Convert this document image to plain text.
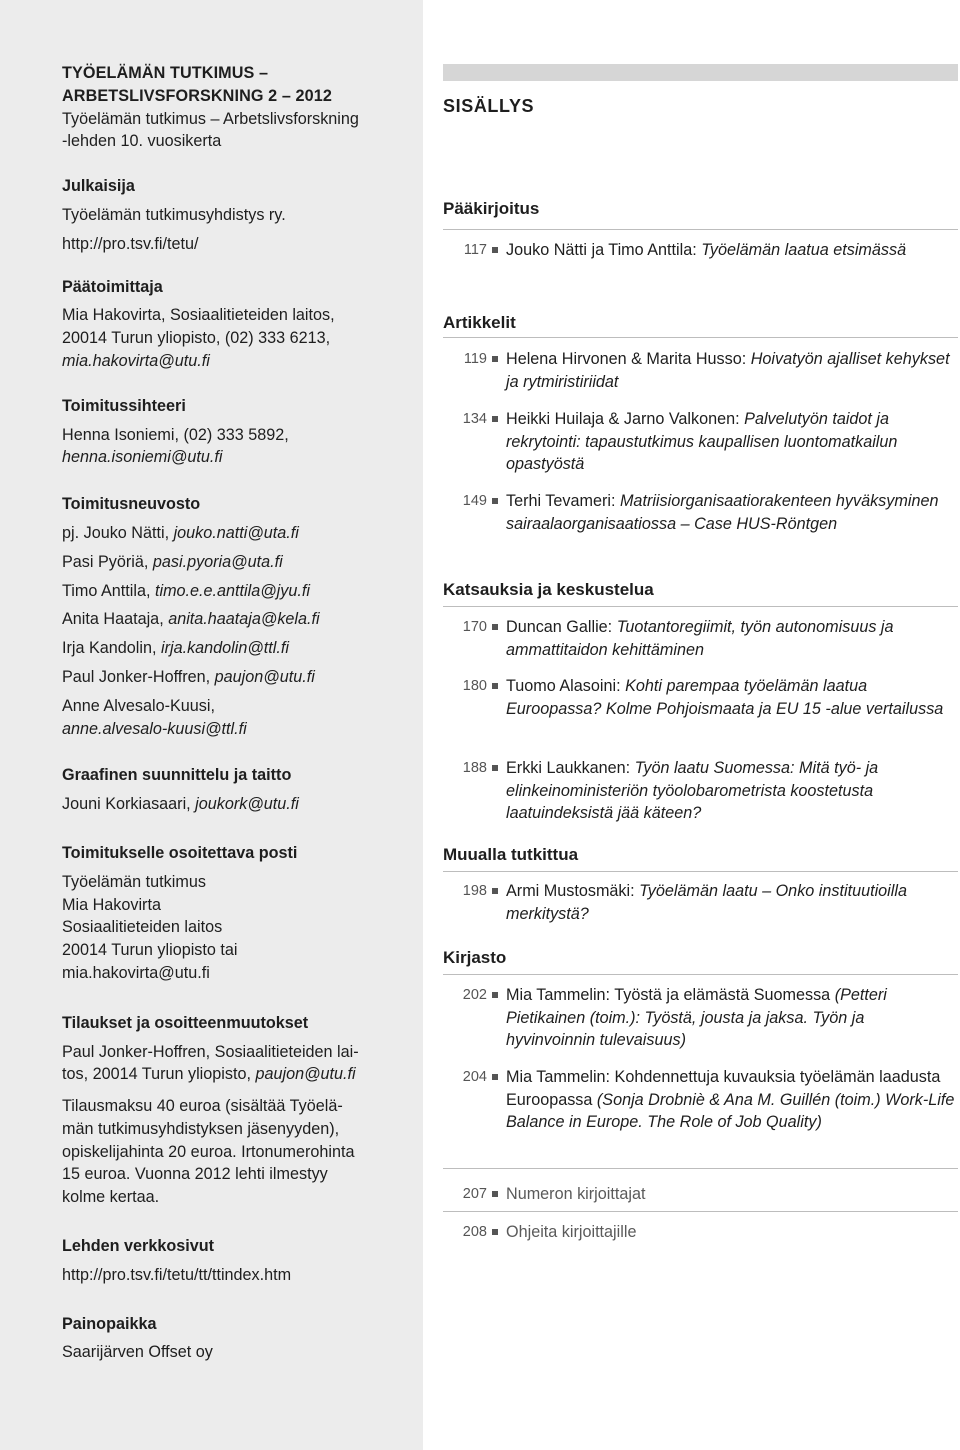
TYÖELÄMÄN TUTKIMUS –
ARBETSLIVSFORSKNING 2 – 2012
Työelämän tutkimus – Arbetslivsforskning
-lehden 10. vuosikerta

Julkaisija

Työelämän tutkimusyhdistys ry.

http://pro.tsv.fi/tetu/

Päätoimittaja

Mia Hakovirta, Sosiaalitieteiden laitos,

20014 Turun yliopisto, (02) 333 6213,

mia.hakovirta@utu.fi

Toimitussihteeri

Henna Isoniemi, (02) 333 5892,

henna.isoniemi@utu.fi

Toimitusneuvosto

pj. Jouko Nätti, jouko.natti@uta.fi

Pasi Pyöriä, pasi.pyoria@uta.fi

Timo Anttila, timo.e.e.anttila@jyu.fi

Anita Haataja, anita.haataja@kela.fi

Irja Kandolin, irja.kandolin@ttl.fi

Paul Jonker-Hoffren, paujon@utu.fi

Anne Alvesalo-Kuusi,

anne.alvesalo-kuusi@ttl.fi

Graafinen suunnittelu ja taitto

Jouni Korkiasaari, joukork@utu.fi

Toimitukselle osoitettava posti

Työelämän tutkimus

Mia Hakovirta

Sosiaalitieteiden laitos

20014 Turun yliopisto tai

mia.hakovirta@utu.fi

Tilaukset ja osoitteenmuutokset

Paul Jonker-Hoffren, Sosiaalitieteiden lai-

tos, 20014 Turun yliopisto, paujon@utu.fi

Tilausmaksu 40 euroa (sisältää Työelä-

män tutkimusyhdistyksen jäsenyyden),

opiskelijahinta 20 euroa. Irtonumerohinta

15 euroa. Vuonna 2012 lehti ilmestyy

kolme kertaa.

Lehden verkkosivut

http://pro.tsv.fi/tetu/tt/ttindex.htm

Painopaikka

Saarijärven Offset oy

SISÄLLYS
Pääkirjoitus
117 Jouko Nätti ja Timo Anttila: Työelämän laatua etsimässä
Artikkelit
119 Helena Hirvonen & Marita Husso: Hoivatyön ajalliset kehykset ja rytmiristiriidat
134 Heikki Huilaja & Jarno Valkonen: Palvelutyön taidot ja rekrytointi: tapaustutkimus kaupallisen luontomatkailun opastyöstä
149 Terhi Tevameri: Matriisiorganisaatiorakenteen hyväksyminen sairaalaorganisaatiossa – Case HUS-Röntgen
Katsauksia ja keskustelua
170 Duncan Gallie: Tuotantoregiimit, työn autonomisuus ja ammattitaidon kehittäminen
180 Tuomo Alasoini: Kohti parempaa työelämän laatua Euroopassa? Kolme Pohjoismaata ja EU 15 -alue vertailussa
188 Erkki Laukkanen: Työn laatu Suomessa: Mitä työ- ja elinkeinoministeriön työolobarometrista koostetusta laatuindeksistä jää käteen?
Muualla tutkittua
198 Armi Mustosmäki: Työelämän laatu – Onko instituutioilla merkitystä?
Kirjasto
202 Mia Tammelin: Työstä ja elämästä Suomessa (Petteri Pietikainen (toim.): Työstä, jousta ja jaksa. Työn ja hyvinvoinnin tulevaisuus)
204 Mia Tammelin: Kohdennettuja kuvauksia työelämän laadusta Euroopassa (Sonja Drobniè & Ana M. Guillén (toim.) Work-Life Balance in Europe. The Role of Job Quality)
207 Numeron kirjoittajat
208 Ohjeita kirjoittajille
